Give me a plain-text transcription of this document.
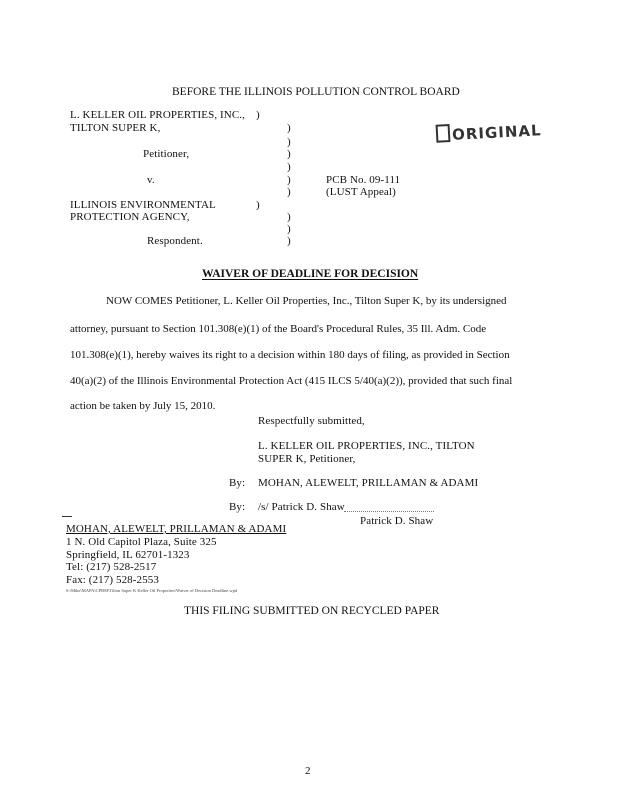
BEFORE THE ILLINOIS POLLUTION CONTROL BOARD
L. KELLER OIL PROPERTIES, INC., )
TILTON SUPER K,	)
)
Petitioner,	)
)
v.	)	PCB No. 09-111
)	(LUST Appeal)
ILLINOIS ENVIRONMENTAL	)
PROTECTION AGENCY,	)
)
Respondent.	)
ORIGINAL
WAIVER OF DEADLINE FOR DECISION
NOW COMES Petitioner, L. Keller Oil Properties, Inc., Tilton Super K, by its undersigned
attorney, pursuant to Section 101.308(e)(1) of the Board's Procedural Rules, 35 Ill. Adm. Code
101.308(e)(1), hereby waives its right to a decision within 180 days of filing, as provided in Section
40(a)(2) of the Illinois Environmental Protection Act (415 ILCS 5/40(a)(2)), provided that such final
action be taken by July 15, 2010.
Respectfully submitted,
L. KELLER OIL PROPERTIES, INC., TILTON
SUPER K, Petitioner,
By: MOHAN, ALEWELT, PRILLAMAN & ADAMI
By: /s/ Patrick D. Shaw
Patrick D. Shaw
MOHAN, ALEWELT, PRILLAMAN & ADAMI
1 N. Old Capitol Plaza, Suite 325
Springfield, IL 62701-1323
Tel: (217) 528-2517
Fax: (217) 528-2553
S:\Mike\MAPA\CPBM\Tilton Super K Keller Oil Properties\Waiver of Decision Deadline.wpd
THIS FILING SUBMITTED ON RECYCLED PAPER
2
